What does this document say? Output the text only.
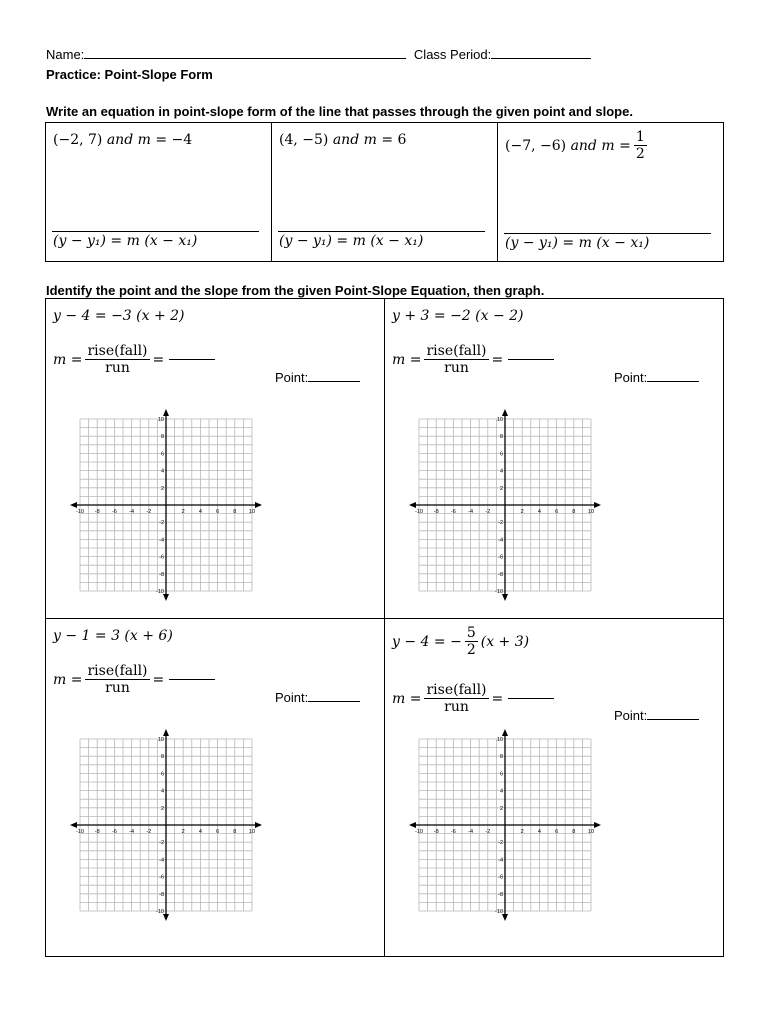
Name:	Class Period:
Practice: Point-Slope Form
Write an equation in point-slope form of the line that passes through the given point and slope.
(−2, 7) and m = −4
(y − y₁) = m (x − x₁)
(4, −5) and m = 6
(y − y₁) = m (x − x₁)
(−7, −6)
and
$m = \frac{1}{2}$
(y − y₁) = m (x − x₁)
Identify the point and the slope from the given Point-Slope Equation, then graph.
y − 4 = −3 (x + 2)
$m = \frac{\text{rise(fall)}}{\text{run}}$ =
Point:
-10 -8 -6 -4 -2	2	4	6	8 10
10
8
6
4
2
-2
-4
-6
-8
-10
y + 3 = −2 (x − 2)
$m = \frac{\text{rise(fall)}}{\text{run}}$ =
Point:
-10 -8 -6 -4 -2	2	4	6	8 10
10
8
6
4
2
-2
-4
-6
-8
-10
y − 1 = 3 (x + 6)
$m = \frac{\text{rise(fall)}}{\text{run}}$ =
Point:
-10 -8 -6 -4 -2	2	4	6	8 10
10
8
6
4
2
-2
-4
-6
-8
-10
y − 4 = − $\frac{5}{2} (x + 3)$
$m = \frac{\text{rise(fall)}}{\text{run}}$ =
Point:
-10 -8 -6 -4 -2	2	4	6	8 10
10
8
6
4
2
-2
-4
-6
-8
-10
